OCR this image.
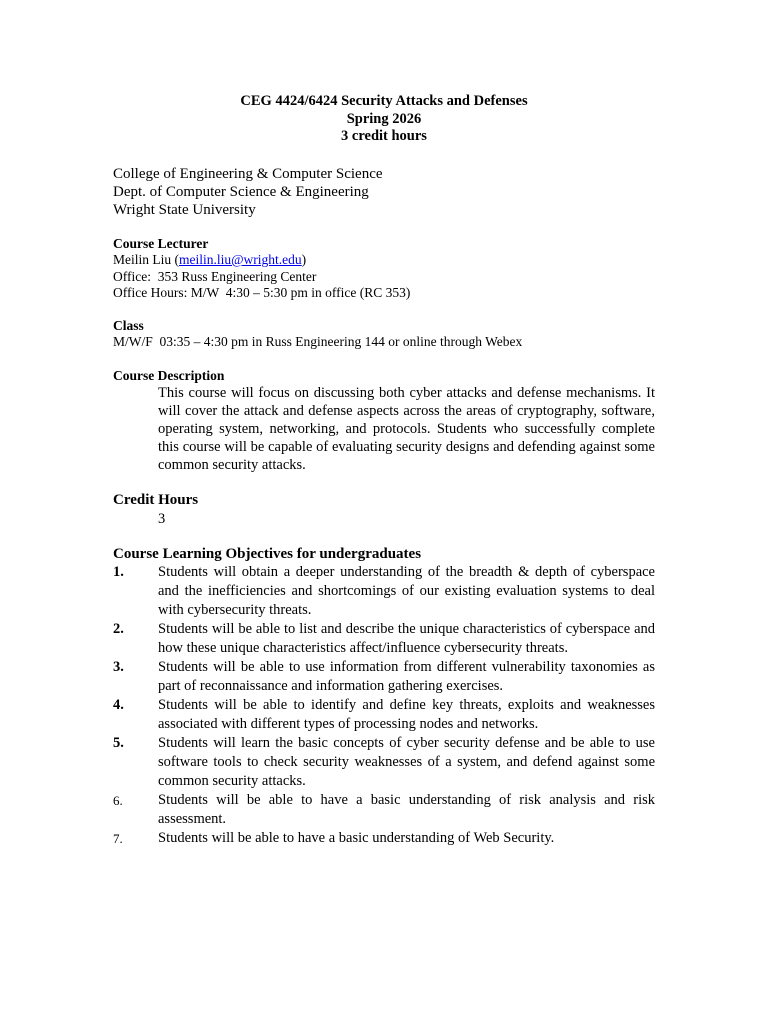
CEG 4424/6424 Security Attacks and Defenses
Spring 2026
3 credit hours
College of Engineering & Computer Science
Dept. of Computer Science & Engineering
Wright State University
Course Lecturer
Meilin Liu (meilin.liu@wright.edu)
Office:  353 Russ Engineering Center
Office Hours: M/W  4:30 – 5:30 pm in office (RC 353)
Class
M/W/F  03:35 – 4:30 pm in Russ Engineering 144 or online through Webex
Course Description
This course will focus on discussing both cyber attacks and defense mechanisms. It will cover the attack and defense aspects across the areas of cryptography, software, operating system, networking, and protocols. Students who successfully complete this course will be capable of evaluating security designs and defending against some common security attacks.
Credit Hours
3
Course Learning Objectives for undergraduates
1.	Students will obtain a deeper understanding of the breadth & depth of cyberspace and the inefficiencies and shortcomings of our existing evaluation systems to deal with cybersecurity threats.
2.	Students will be able to list and describe the unique characteristics of cyberspace and how these unique characteristics affect/influence cybersecurity threats.
3.	Students will be able to use information from different vulnerability taxonomies as part of reconnaissance and information gathering exercises.
4.	Students will be able to identify and define key threats, exploits and weaknesses associated with different types of processing nodes and networks.
5.	Students will learn the basic concepts of cyber security defense and be able to use software tools to check security weaknesses of a system, and defend against some common security attacks.
6.	Students will be able to have a basic understanding of risk analysis and risk assessment.
7.	Students will be able to have a basic understanding of Web Security.
